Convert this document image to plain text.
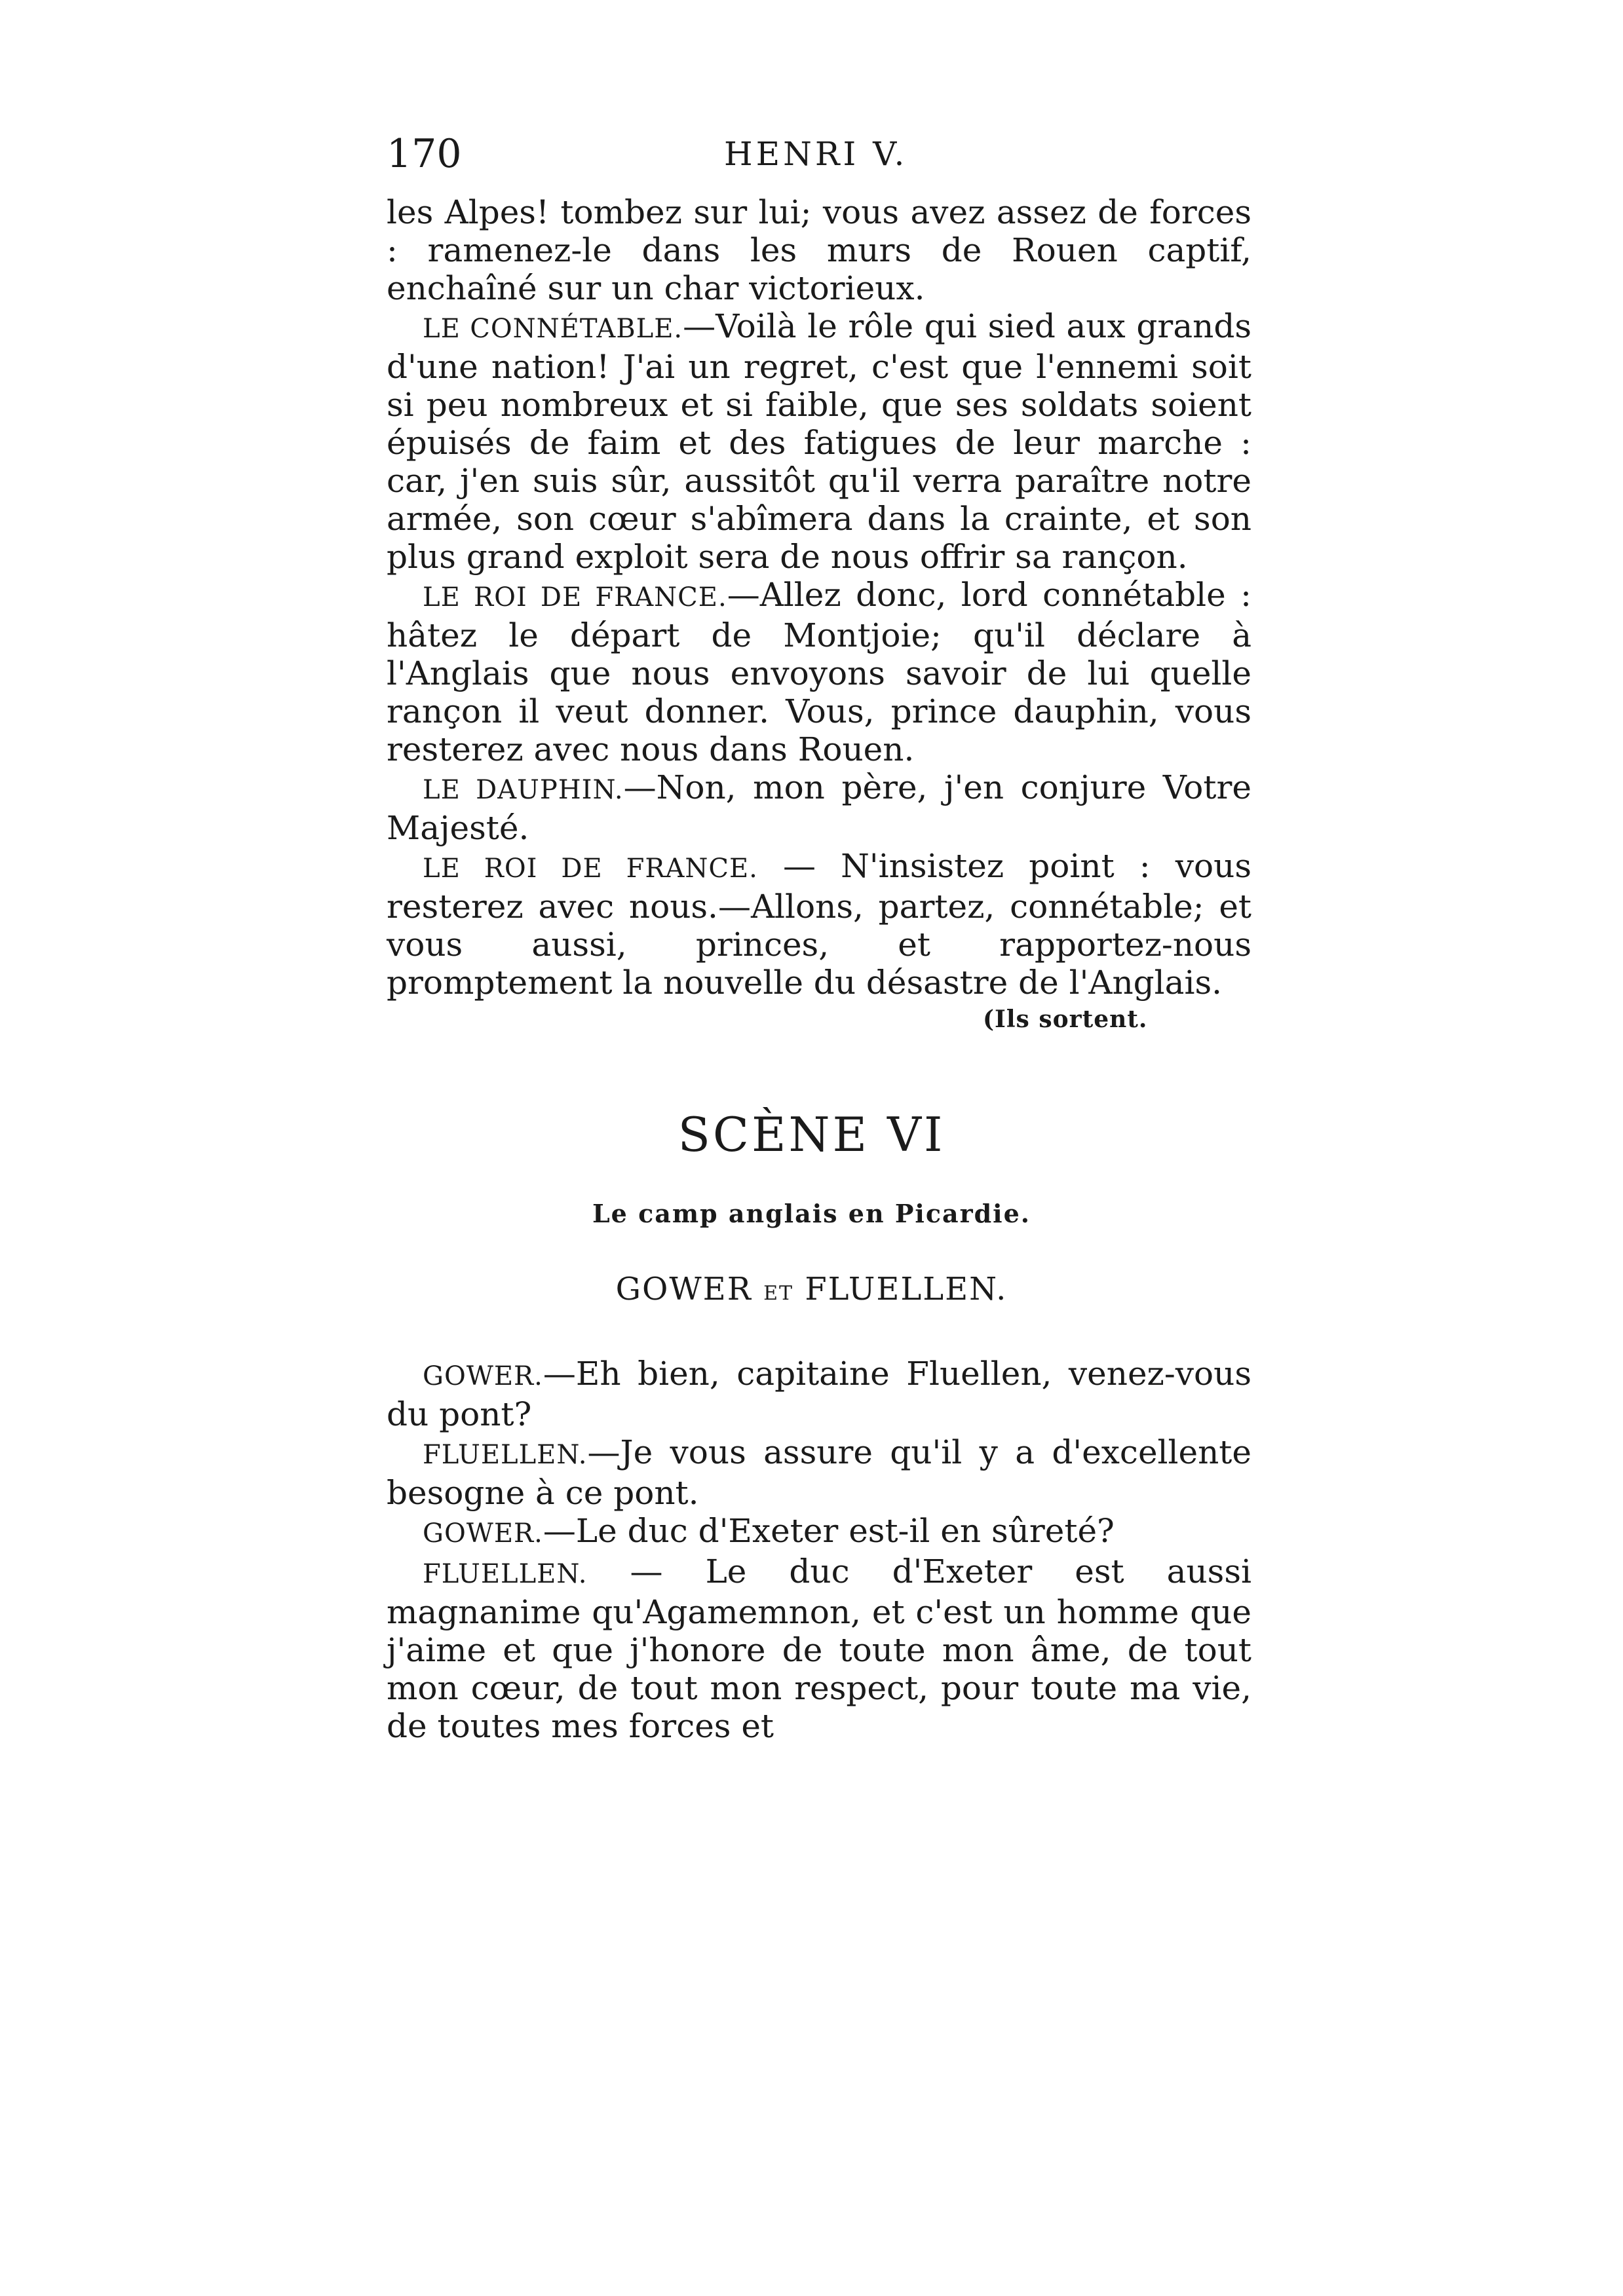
170	HENRI V.

les Alpes! tombez sur lui; vous avez assez de forces : ramenez-le dans les murs de Rouen captif, enchaîné sur un char victorieux.

LE CONNÉTABLE.—Voilà le rôle qui sied aux grands d'une nation! J'ai un regret, c'est que l'ennemi soit si peu nombreux et si faible, que ses soldats soient épuisés de faim et des fatigues de leur marche : car, j'en suis sûr, aussitôt qu'il verra paraître notre armée, son cœur s'abîmera dans la crainte, et son plus grand exploit sera de nous offrir sa rançon.

LE ROI DE FRANCE.—Allez donc, lord connétable : hâtez le départ de Montjoie; qu'il déclare à l'Anglais que nous envoyons savoir de lui quelle rançon il veut donner. Vous, prince dauphin, vous resterez avec nous dans Rouen.

LE DAUPHIN.—Non, mon père, j'en conjure Votre Majesté.

LE ROI DE FRANCE. — N'insistez point : vous resterez avec nous.—Allons, partez, connétable; et vous aussi, princes, et rapportez-nous promptement la nouvelle du désastre de l'Anglais.

(Ils sortent.
SCÈNE VI
Le camp anglais en Picardie.
GOWER ET FLUELLEN.

GOWER.—Eh bien, capitaine Fluellen, venez-vous du pont?

FLUELLEN.—Je vous assure qu'il y a d'excellente besogne à ce pont.

GOWER.—Le duc d'Exeter est-il en sûreté?

FLUELLEN. — Le duc d'Exeter est aussi magnanime qu'Agamemnon, et c'est un homme que j'aime et que j'honore de toute mon âme, de tout mon cœur, de tout mon respect, pour toute ma vie, de toutes mes forces et
